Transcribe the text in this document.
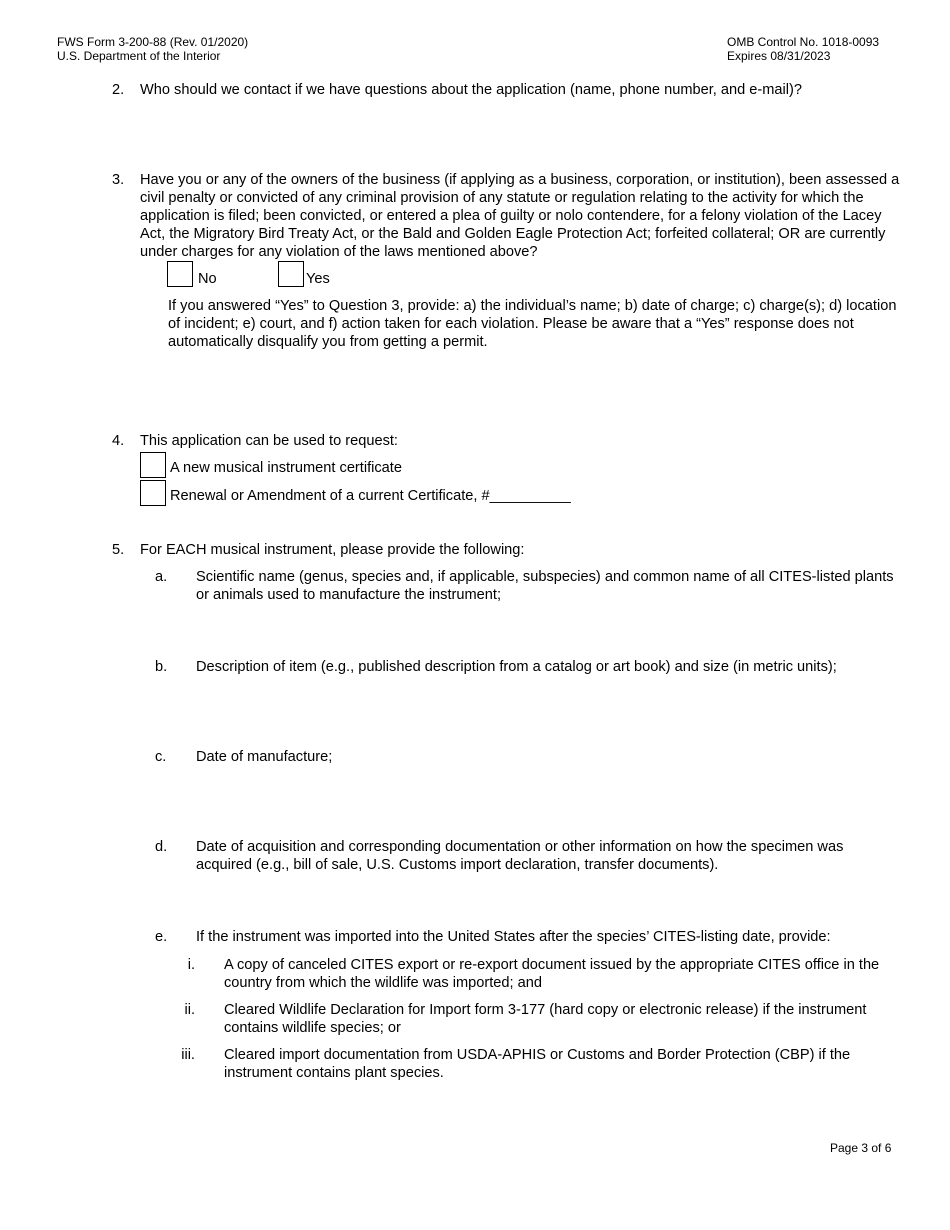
FWS Form 3-200-88 (Rev. 01/2020)
U.S. Department of the Interior
OMB Control No. 1018-0093
Expires 08/31/2023
2.	Who should we contact if we have questions about the application (name, phone number, and e-mail)?
3.	Have you or any of the owners of the business (if applying as a business, corporation, or institution), been assessed a civil penalty or convicted of any criminal provision of any statute or regulation relating to the activity for which the application is filed; been convicted, or entered a plea of guilty or nolo contendere, for a felony violation of the Lacey Act, the Migratory Bird Treaty Act, or the Bald and Golden Eagle Protection Act; forfeited collateral; OR are currently under charges for any violation of the laws mentioned above?
No	Yes
If you answered “Yes” to Question 3, provide: a) the individual’s name; b) date of charge; c) charge(s); d) location of incident; e) court, and f) action taken for each violation. Please be aware that a “Yes” response does not automatically disqualify you from getting a permit.
4.	This application can be used to request:
A new musical instrument certificate
Renewal or Amendment of a current Certificate, #__________
5.	For EACH musical instrument, please provide the following:
a.	Scientific name (genus, species and, if applicable, subspecies) and common name of all CITES-listed plants or animals used to manufacture the instrument;
b.	Description of item (e.g., published description from a catalog or art book) and size (in metric units);
c.	Date of manufacture;
d.	Date of acquisition and corresponding documentation or other information on how the specimen was acquired (e.g., bill of sale, U.S. Customs import declaration, transfer documents).
e.	If the instrument was imported into the United States after the species’ CITES-listing date, provide:
i. A copy of canceled CITES export or re-export document issued by the appropriate CITES office in the country from which the wildlife was imported; and
ii. Cleared Wildlife Declaration for Import form 3-177 (hard copy or electronic release) if the instrument contains wildlife species; or
iii. Cleared import documentation from USDA-APHIS or Customs and Border Protection (CBP) if the instrument contains plant species.
Page 3 of 6
